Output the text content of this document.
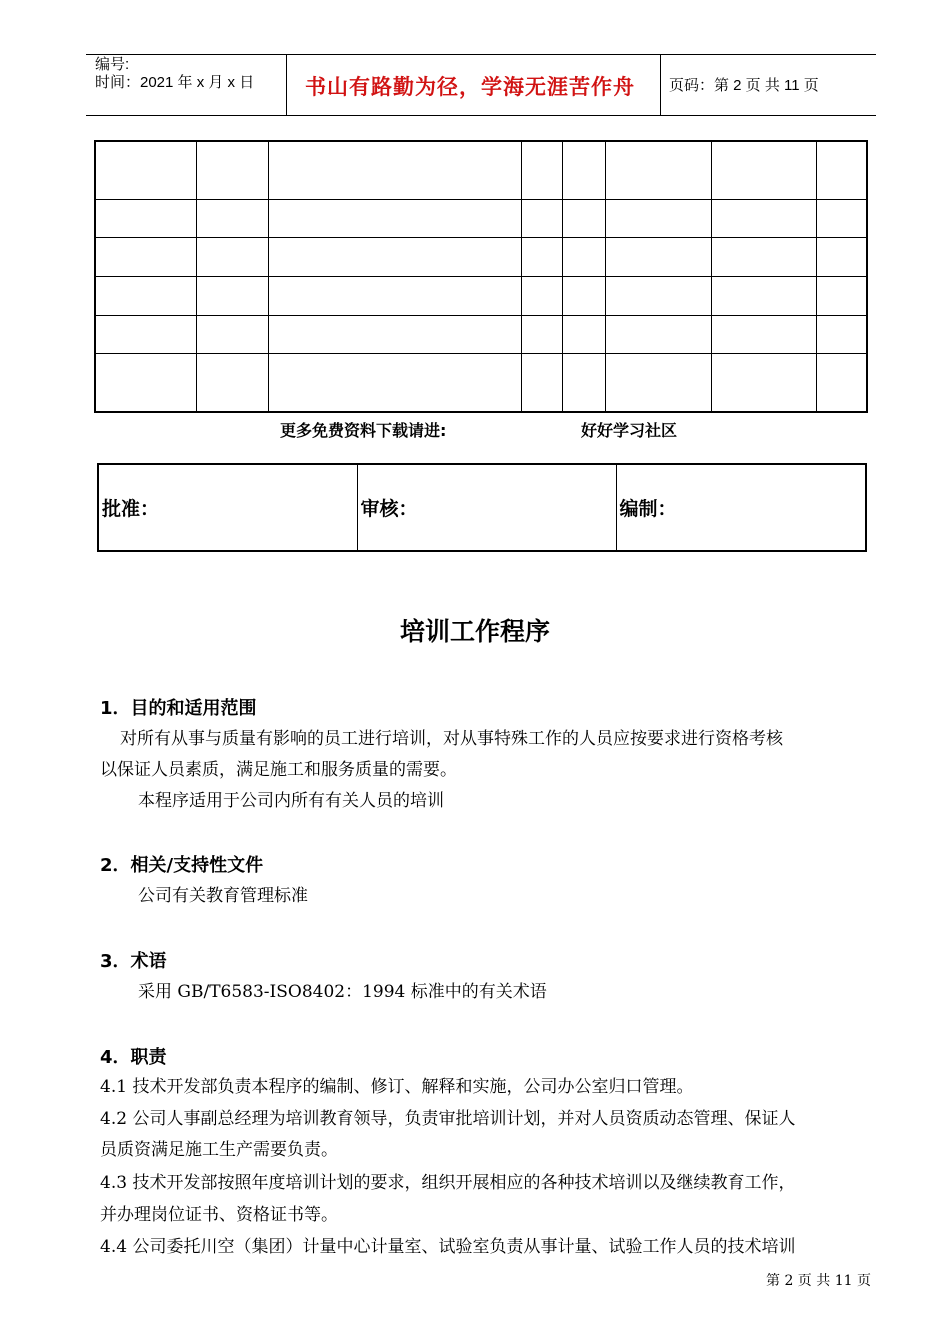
编号:
时间：2021 年 x 月 x 日 书山有路勤为径，学海无涯苦作舟 页码：第 2 页 共 11 页

更多免费资料下载请进:	好好学习社区
批准：	审核：	编制：
培训工作程序
1．目的和适用范围
对所有从事与质量有影响的员工进行培训，对从事特殊工作的人员应按要求进行资格考核
以保证人员素质，满足施工和服务质量的需要。
本程序适用于公司内所有有关人员的培训
2．相关/支持性文件
公司有关教育管理标准
3．术语
采用 GB/T6583-ISO8402：1994 标准中的有关术语
4．职责
4.1 技术开发部负责本程序的编制、修订、解释和实施，公司办公室归口管理。
4.2 公司人事副总经理为培训教育领导，负责审批培训计划，并对人员资质动态管理、保证人
员质资满足施工生产需要负责。
4.3 技术开发部按照年度培训计划的要求，组织开展相应的各种技术培训以及继续教育工作，
并办理岗位证书、资格证书等。
4.4 公司委托川空（集团）计量中心计量室、试验室负责从事计量、试验工作人员的技术培训
第 2 页 共 11 页
